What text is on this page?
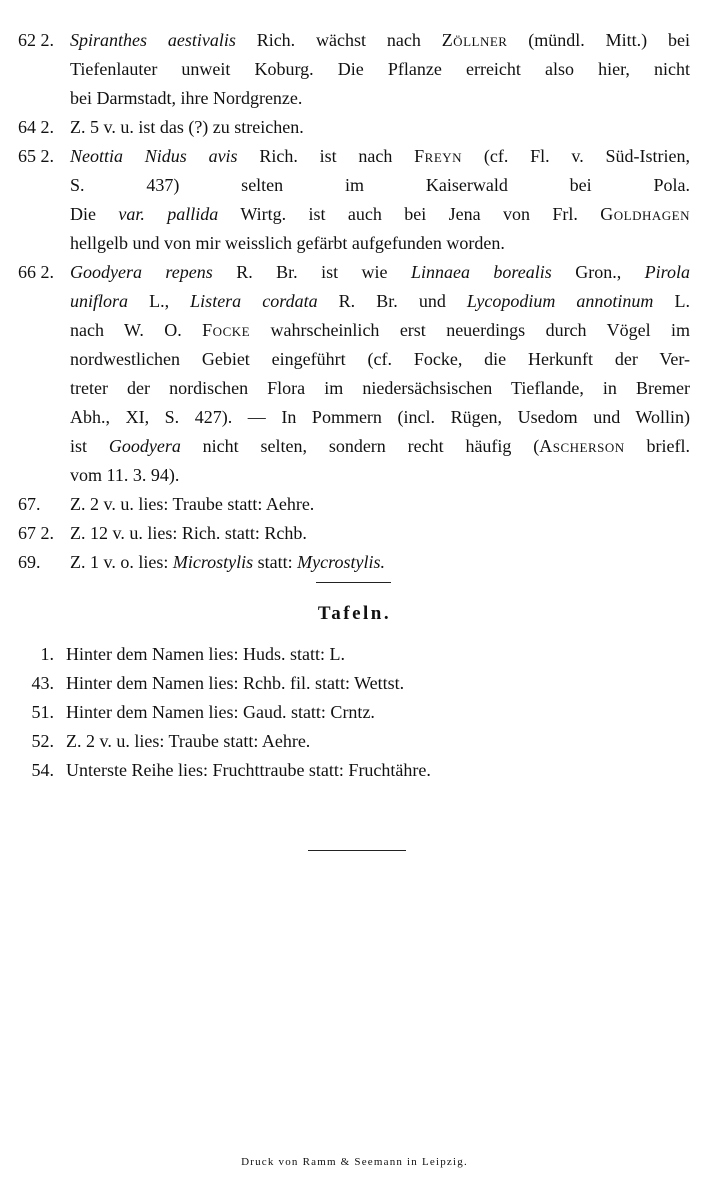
62 2. Spiranthes aestivalis Rich. wächst nach Zöllner (mündl. Mitt.) bei
Tiefenlauter unweit Koburg. Die Pflanze erreicht also hier, nicht
bei Darmstadt, ihre Nordgrenze.
64 2. Z. 5 v. u. ist das (?) zu streichen.
65 2. Neottia Nidus avis Rich. ist nach Freyn (cf. Fl. v. Süd-Istrien,
S. 437) selten im Kaiserwald bei Pola.
Die var. pallida Wirtg. ist auch bei Jena von Frl. Goldhagen
hellgelb und von mir weisslich gefärbt aufgefunden worden.
66 2. Goodyera repens R. Br. ist wie Linnaea borealis Gron., Pirola
uniflora L., Listera cordata R. Br. und Lycopodium annotinum L.
nach W. O. Focke wahrscheinlich erst neuerdings durch Vögel im
nordwestlichen Gebiet eingeführt (cf. Focke, die Herkunft der Ver-
treter der nordischen Flora im niedersächsischen Tieflande, in Bremer
Abh., XI, S. 427). — In Pommern (incl. Rügen, Usedom und Wollin)
ist Goodyera nicht selten, sondern recht häufig (Ascherson briefl.
vom 11. 3. 94).
67.	Z. 2 v. u. lies: Traube statt: Aehre.
67 2. Z. 12 v. u. lies: Rich. statt: Rchb.
69.	Z. 1 v. o. lies: Microstylis statt: Mycrostylis.
Tafeln.
1. Hinter dem Namen lies: Huds. statt: L.
43. Hinter dem Namen lies: Rchb. fil. statt: Wettst.
51. Hinter dem Namen lies: Gaud. statt: Crntz.
52. Z. 2 v. u. lies: Traube statt: Aehre.
54. Unterste Reihe lies: Fruchttraube statt: Fruchtähre.
Druck von Ramm & Seemann in Leipzig.
